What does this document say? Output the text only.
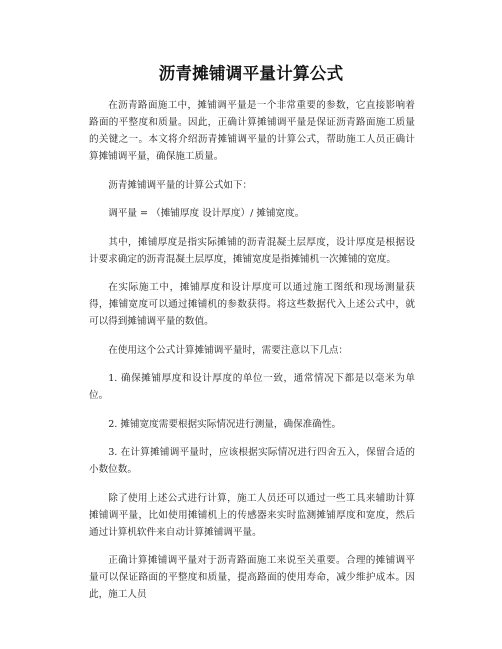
沥青摊铺调平量计算公式

在沥青路面施工中，摊铺调平量是一个非常重要的参数，它直接影响着路面的平整度和质量。因此，正确计算摊铺调平量是保证沥青路面施工质量的关键之一。本文将介绍沥青摊铺调平量的计算公式，帮助施工人员正确计算摊铺调平量，确保施工质量。

沥青摊铺调平量的计算公式如下：

调平量 = （摊铺厚度 设计厚度）/ 摊铺宽度。

其中，摊铺厚度是指实际摊铺的沥青混凝土层厚度，设计厚度是根据设计要求确定的沥青混凝土层厚度，摊铺宽度是指摊铺机一次摊铺的宽度。

在实际施工中，摊铺厚度和设计厚度可以通过施工图纸和现场测量获得，摊铺宽度可以通过摊铺机的参数获得。将这些数据代入上述公式中，就可以得到摊铺调平量的数值。

在使用这个公式计算摊铺调平量时，需要注意以下几点：

1. 确保摊铺厚度和设计厚度的单位一致，通常情况下都是以毫米为单位。

2. 摊铺宽度需要根据实际情况进行测量，确保准确性。

3. 在计算摊铺调平量时，应该根据实际情况进行四舍五入，保留合适的小数位数。

除了使用上述公式进行计算，施工人员还可以通过一些工具来辅助计算摊铺调平量，比如使用摊铺机上的传感器来实时监测摊铺厚度和宽度，然后通过计算机软件来自动计算摊铺调平量。

正确计算摊铺调平量对于沥青路面施工来说至关重要。合理的摊铺调平量可以保证路面的平整度和质量，提高路面的使用寿命，减少维护成本。因此，施工人员
